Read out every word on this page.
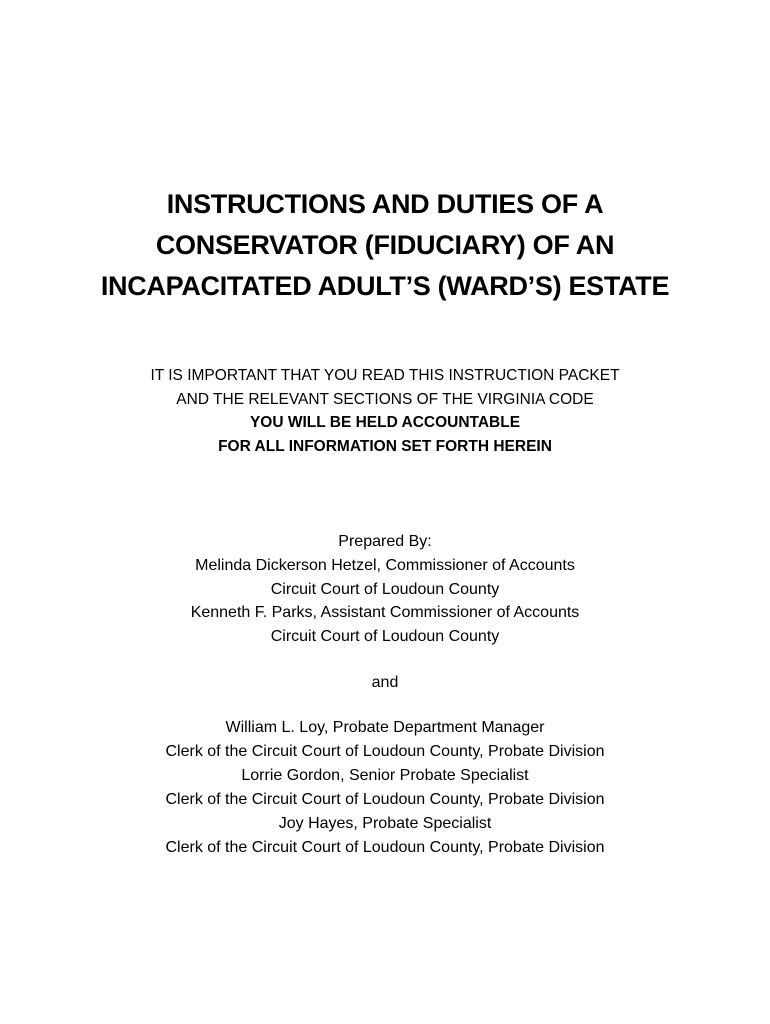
INSTRUCTIONS AND DUTIES OF A
CONSERVATOR (FIDUCIARY) OF AN
INCAPACITATED ADULT’S (WARD’S) ESTATE
IT IS IMPORTANT THAT YOU READ THIS INSTRUCTION PACKET
AND THE RELEVANT SECTIONS OF THE VIRGINIA CODE
YOU WILL BE HELD ACCOUNTABLE
FOR ALL INFORMATION SET FORTH HEREIN
Prepared By:
Melinda Dickerson Hetzel, Commissioner of Accounts
Circuit Court of Loudoun County
Kenneth F. Parks, Assistant Commissioner of Accounts
Circuit Court of Loudoun County
and
William L. Loy, Probate Department Manager
Clerk of the Circuit Court of Loudoun County, Probate Division
Lorrie Gordon, Senior Probate Specialist
Clerk of the Circuit Court of Loudoun County, Probate Division
Joy Hayes, Probate Specialist
Clerk of the Circuit Court of Loudoun County, Probate Division
